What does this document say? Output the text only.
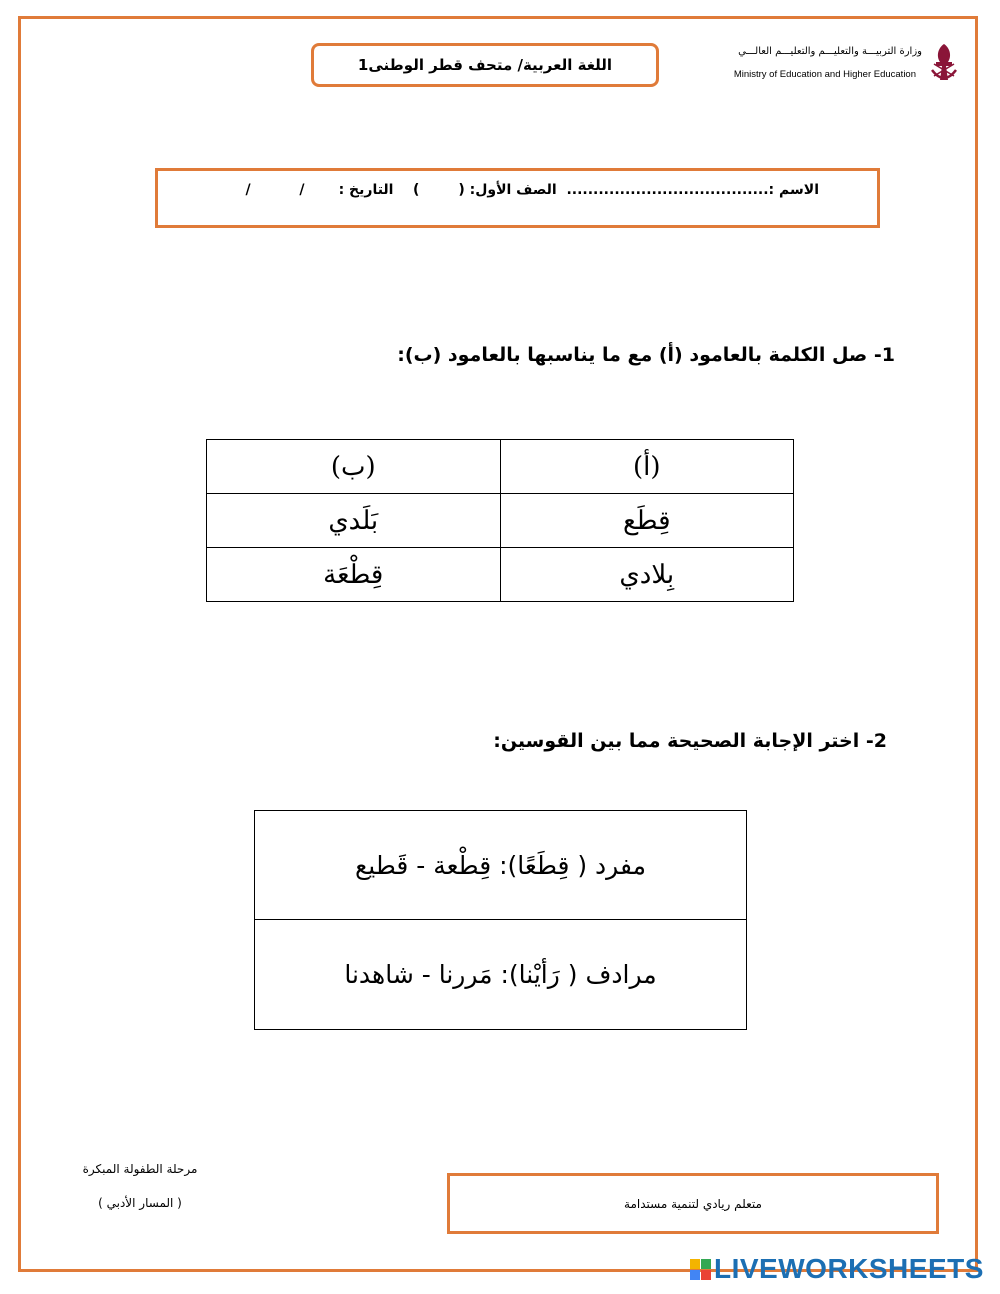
اللغة العربية/ متحف قطر الوطنى1
وزارة التربيـــة والتعليـــم والتعليـــم العالـــي
Ministry of Education and Higher Education
الاسم :......................................  الصف الأول: (        )    التاريخ :       /          /
1- صل الكلمة بالعامود (أ) مع ما يناسبها بالعامود (ب):
(أ)	(ب)
قِطَع	بَلَدي
بِلادي	قِطْعَة
2- اختر الإجابة الصحيحة مما بين القوسين:
مفرد ( قِطَعًا): قِطْعة - قَطيع
مرادف ( رَأيْنا): مَررنا - شاهدنا
مرحلة الطفولة المبكرة
( المسار الأدبي )	متعلم ريادي لتنمية مستدامة
LIVEWORKSHEETS
